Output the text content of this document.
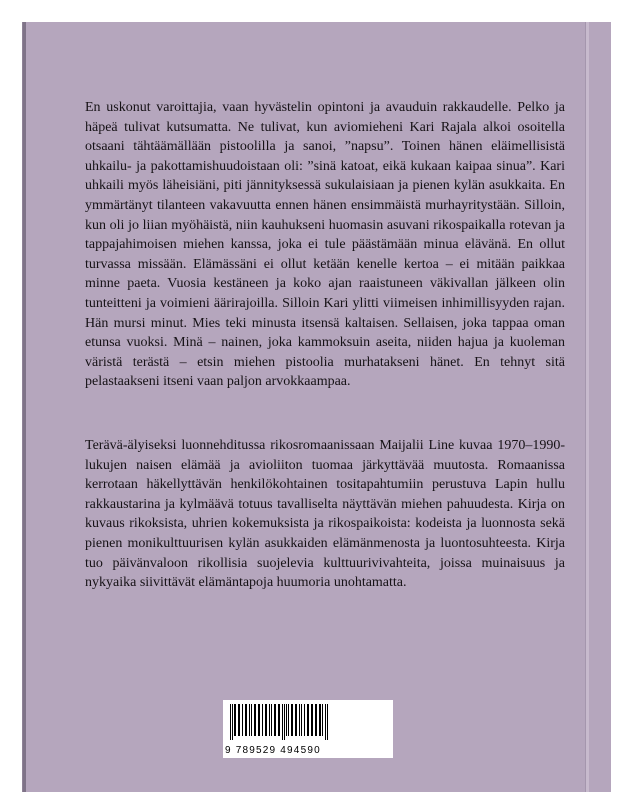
En uskonut varoittajia, vaan hyvästelin opintoni ja avauduin rakkaudelle. Pelko ja häpeä tulivat kutsumatta. Ne tulivat, kun aviomieheni Kari Rajala alkoi osoitella otsaani tähtäämällään pistoolilla ja sanoi, ”napsu”. Toinen hänen eläimellisistä uhkailu- ja pakottamishuudoistaan oli: ”sinä katoat, eikä kukaan kaipaa sinua”. Kari uhkaili myös läheisiäni, piti jännityksessä sukulaisiaan ja pienen kylän asukkaita. En ymmärtänyt tilanteen vakavuutta ennen hänen ensimmäistä murhayritystään. Silloin, kun oli jo liian myöhäistä, niin kauhukseni huomasin asuvani rikospaikalla rotevan ja tappajahimoisen miehen kanssa, joka ei tule päästämään minua elävänä. En ollut turvassa missään. Elämässäni ei ollut ketään kenelle kertoa – ei mitään paikkaa minne paeta. Vuosia kestäneen ja koko ajan raaistuneen väkivallan jälkeen olin tunteitteni ja voimieni äärirajoilla. Silloin Kari ylitti viimeisen inhimillisyyden rajan. Hän mursi minut. Mies teki minusta itsensä kaltaisen. Sellaisen, joka tappaa oman etunsa vuoksi. Minä – nainen, joka kammoksuin aseita, niiden hajua ja kuoleman väristä terästä – etsin miehen pistoolia murhatakseni hänet. En tehnyt sitä pelastaakseni itseni vaan paljon arvokkaampaa.

Terävä-älyiseksi luonnehditussa rikosromaanissaan Maijalii Line kuvaa 1970–1990-lukujen naisen elämää ja avioliiton tuomaa järkyttävää muutosta. Romaanissa kerrotaan häkellyttävän henkilökohtainen tositapahtumiin perustuva Lapin hullu rakkaustarina ja kylmäävä totuus tavalliselta näyttävän miehen pahuudesta. Kirja on kuvaus rikoksista, uhrien kokemuksista ja rikospaikoista: kodeista ja luonnosta sekä pienen monikulttuurisen kylän asukkaiden elämänmenosta ja luontosuhteesta. Kirja tuo päivänvaloon rikollisia suojelevia kulttuurivivahteita, joissa muinaisuus ja nykyaika siivittävät elämäntapoja huumoria unohtamatta.

9 789529 494590
